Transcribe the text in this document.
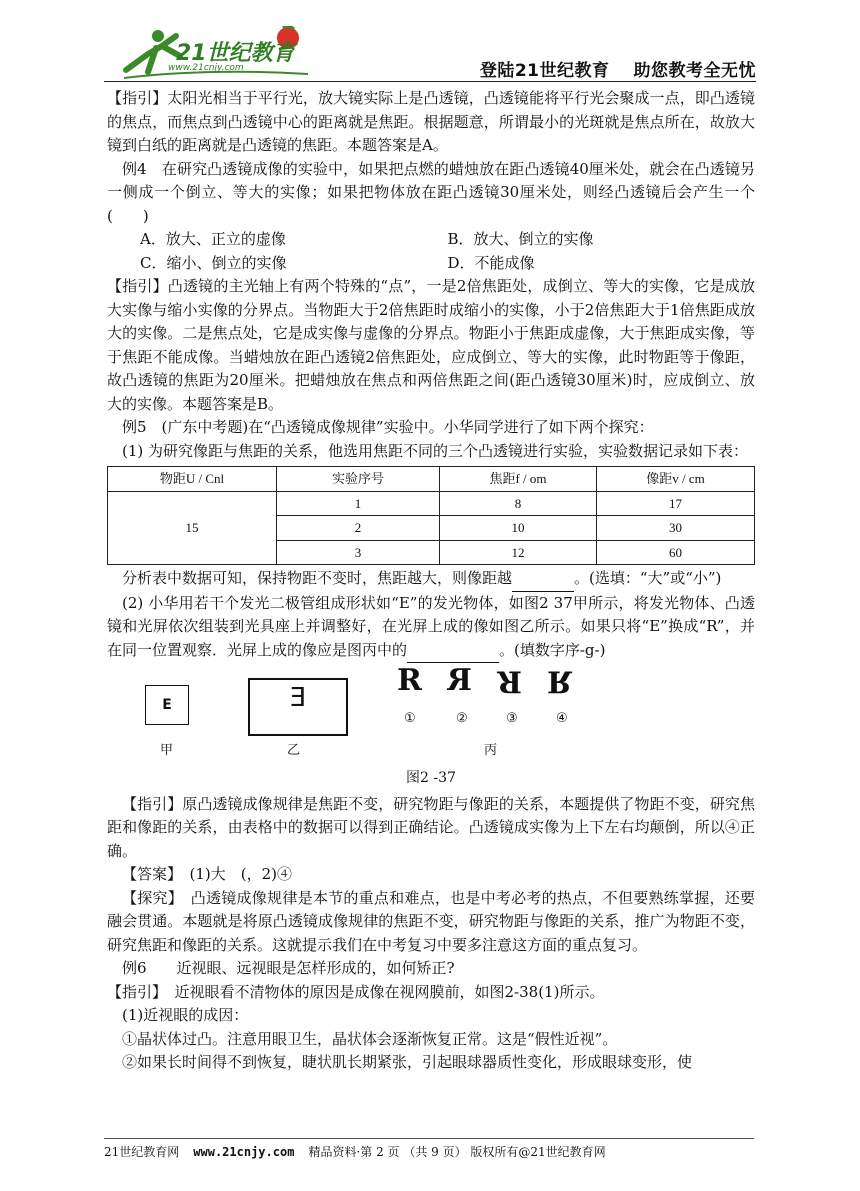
21世纪教育
www.21cnjy.com	登陆21世纪教育 助您教考全无忧
【指引】太阳光相当于平行光，放大镜实际上是凸透镜，凸透镜能将平行光会聚成一点，即凸透镜的焦点，而焦点到凸透镜中心的距离就是焦距。根据题意，所谓最小的光斑就是焦点所在，故放大镜到白纸的距离就是凸透镜的焦距。本题答案是A。
例4　在研究凸透镜成像的实验中，如果把点燃的蜡烛放在距凸透镜40厘米处，就会在凸透镜另一侧成一个倒立、等大的实像；如果把物体放在距凸透镜30厘米处，则经凸透镜后会产生一个(　　)
A．放大、正立的虚像	B．放大、倒立的实像
C．缩小、倒立的实像	D．不能成像
【指引】凸透镜的主光轴上有两个特殊的“点”，一是2倍焦距处，成倒立、等大的实像，它是成放大实像与缩小实像的分界点。当物距大于2倍焦距时成缩小的实像，小于2倍焦距大于1倍焦距成放大的实像。二是焦点处，它是成实像与虚像的分界点。物距小于焦距成虚像，大于焦距成实像，等于焦距不能成像。当蜡烛放在距凸透镜2倍焦距处，应成倒立、等大的实像，此时物距等于像距，故凸透镜的焦距为20厘米。把蜡烛放在焦点和两倍焦距之间(距凸透镜30厘米)时，应成倒立、放大的实像。本题答案是B。
例5　(广东中考题)在“凸透镜成像规律”实验中。小华同学进行了如下两个探究：
(1) 为研究像距与焦距的关系，他选用焦距不同的三个凸透镜进行实验，实验数据记录如下表：
物距U / Cnl	实验序号	焦距f / om	像距v / cm
15	1	8	17
	2	10	30
	3	12	60
分析表中数据可知，保持物距不变时，焦距越大，则像距越	。(选填：“大”或“小”)
(2) 小华用若干个发光二极管组成形状如“E”的发光物体，如图2 37甲所示，将发光物体、凸透镜和光屏依次组装到光具座上并调整好，在光屏上成的像如图乙所示。如果只将“E”换成“R”，并在同一位置观察．光屏上成的像应是图丙中的	。(填数字序-g-)
E	E	R R R R
①	②	③	④
甲	乙	丙
图2 -37
【指引】原凸透镜成像规律是焦距不变，研究物距与像距的关系，本题提供了物距不变，研究焦距和像距的关系，由表格中的数据可以得到正确结论。凸透镜成实像为上下左右均颠倒，所以④正确。
【答案】　(1)大　(，2)④
【探究】　凸透镜成像规律是本节的重点和难点，也是中考必考的热点，不但要熟练掌握，还要融会贯通。本题就是将原凸透镜成像规律的焦距不变，研究物距与像距的关系，推广为物距不变，研究焦距和像距的关系。这就提示我们在中考复习中要多注意这方面的重点复习。
例6　　近视眼、远视眼是怎样形成的，如何矫正?
【指引】　近视眼看不清物体的原因是成像在视网膜前，如图2-38(1)所示。
(1)近视眼的成因：
①晶状体过凸。注意用眼卫生，晶状体会逐渐恢复正常。这是“假性近视”。
②如果长时间得不到恢复，睫状肌长期紧张，引起眼球器质性变化，形成眼球变形，使
21世纪教育网 www.21cnjy.com 精品资料·第 2 页 （共 9 页） 版权所有@21世纪教育网
